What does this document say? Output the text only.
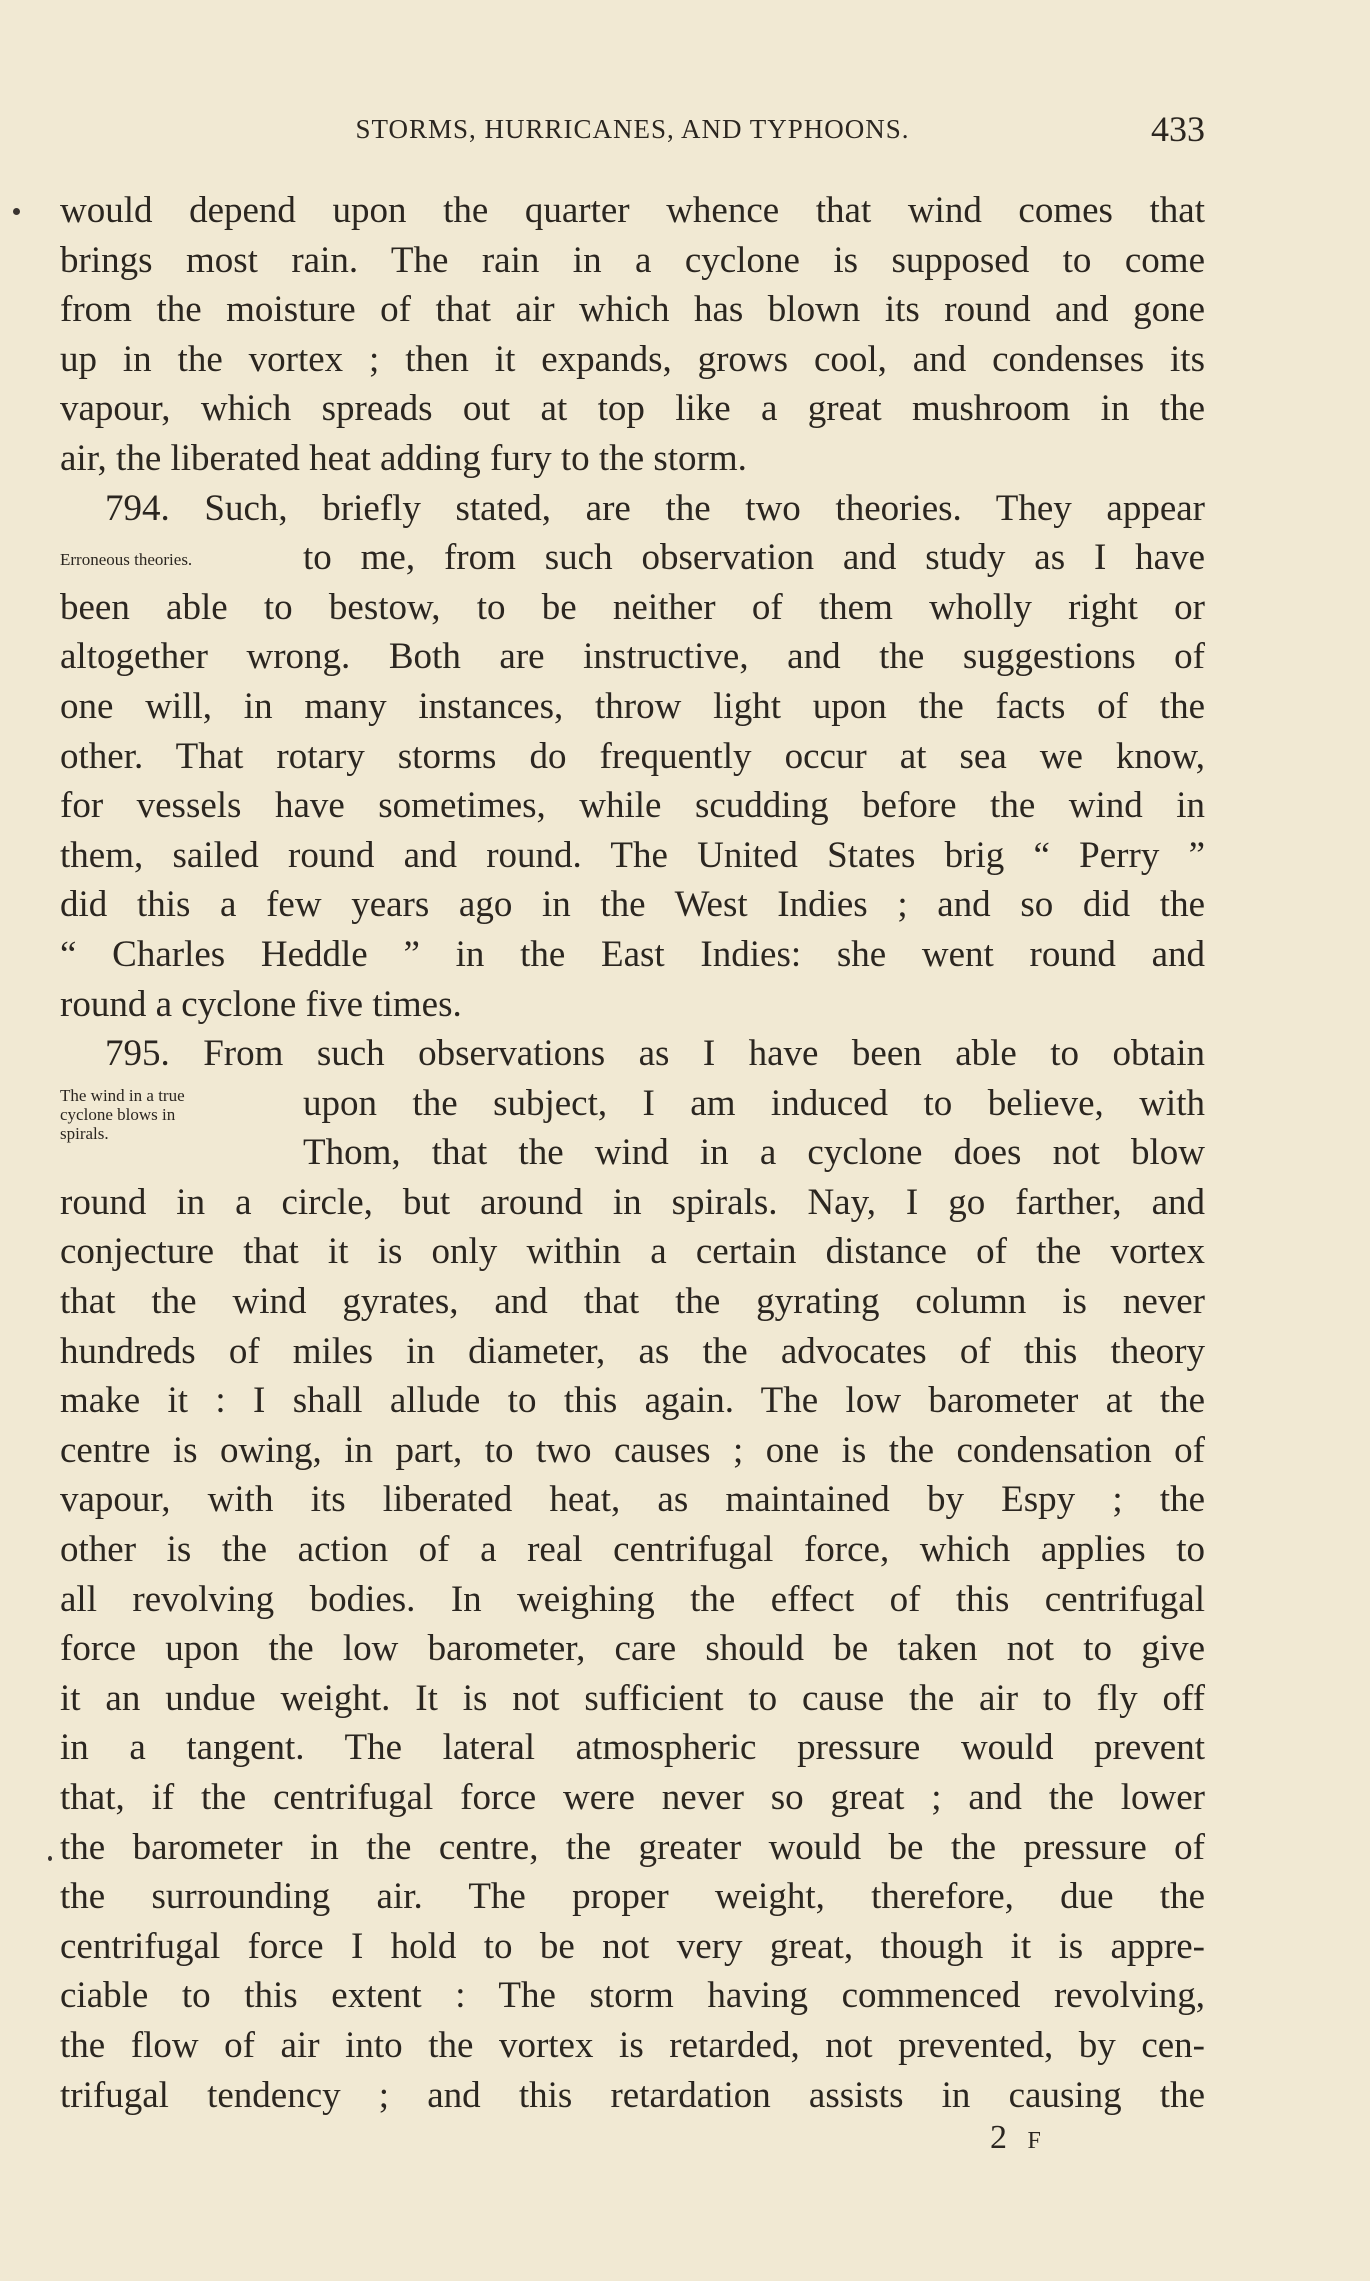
STORMS, HURRICANES, AND TYPHOONS.	433
would depend upon the quarter whence that wind comes that
brings most rain. The rain in a cyclone is supposed to come
from the moisture of that air which has blown its round and gone
up in the vortex ; then it expands, grows cool, and condenses its
vapour, which spreads out at top like a great mushroom in the
air, the liberated heat adding fury to the storm.
794. Such, briefly stated, are the two theories. They appear
to me, from such observation and study as I have
been able to bestow, to be neither of them wholly right or
altogether wrong. Both are instructive, and the suggestions of
one will, in many instances, throw light upon the facts of the
other. That rotary storms do frequently occur at sea we know,
for vessels have sometimes, while scudding before the wind in
them, sailed round and round. The United States brig “ Perry ”
did this a few years ago in the West Indies ; and so did the
“ Charles Heddle ” in the East Indies: she went round and
round a cyclone five times.
795. From such observations as I have been able to obtain
upon the subject, I am induced to believe, with
Thom, that the wind in a cyclone does not blow
round in a circle, but around in spirals. Nay, I go farther, and
conjecture that it is only within a certain distance of the vortex
that the wind gyrates, and that the gyrating column is never
hundreds of miles in diameter, as the advocates of this theory
make it : I shall allude to this again. The low barometer at the
centre is owing, in part, to two causes ; one is the condensation of
vapour, with its liberated heat, as maintained by Espy ; the
other is the action of a real centrifugal force, which applies to
all revolving bodies. In weighing the effect of this centrifugal
force upon the low barometer, care should be taken not to give
it an undue weight. It is not sufficient to cause the air to fly off
in a tangent. The lateral atmospheric pressure would prevent
that, if the centrifugal force were never so great ; and the lower
the barometer in the centre, the greater would be the pressure of
the surrounding air. The proper weight, therefore, due the
centrifugal force I hold to be not very great, though it is appre-
ciable to this extent : The storm having commenced revolving,
the flow of air into the vortex is retarded, not prevented, by cen-
trifugal tendency ; and this retardation assists in causing the
Erroneous theories.
The wind in a true
cyclone blows in
spirals.
2 F
